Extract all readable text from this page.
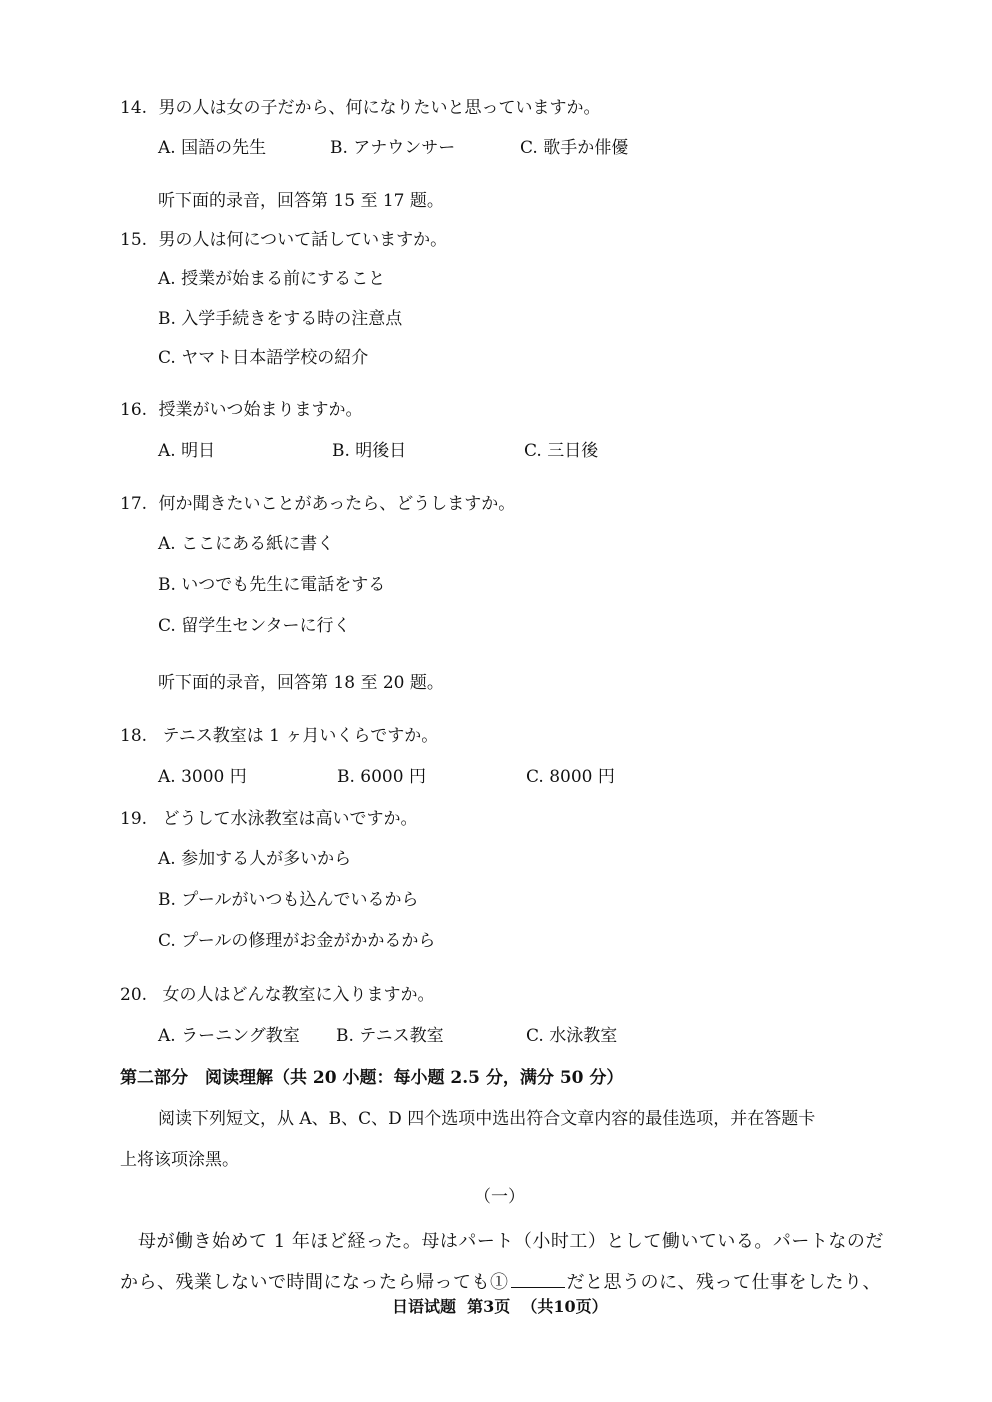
14. 男の人は女の子だから、何になりたいと思っていますか。
A. 国語の先生	B. アナウンサー	C. 歌手か俳優
听下面的录音，回答第 15 至 17 题。
15. 男の人は何について話していますか。
A. 授業が始まる前にすること
B. 入学手続きをする時の注意点
C. ヤマト日本語学校の紹介
16. 授業がいつ始まりますか。
A. 明日	B. 明後日	C. 三日後
17. 何か聞きたいことがあったら、どうしますか。
A. ここにある紙に書く
B. いつでも先生に電話をする
C. 留学生センターに行く
听下面的录音，回答第 18 至 20 题。
18. テニス教室は 1 ヶ月いくらですか。
A. 3000 円	B. 6000 円	C. 8000 円
19. どうして水泳教室は高いですか。
A. 参加する人が多いから
B. プールがいつも込んでいるから
C. プールの修理がお金がかかるから
20. 女の人はどんな教室に入りますか。
A. ラーニング教室 B. テニス教室	C. 水泳教室
第二部分　阅读理解（共 20 小题：每小题 2.5 分，满分 50 分）
阅读下列短文，从 A、B、C、D 四个选项中选出符合文章内容的最佳选项，并在答题卡
上将该项涂黑。
（一）
母が働き始めて 1 年ほど経った。母はパート（小时工）として働いている。パートなのだ
から、残業しないで時間になったら帰っても①	だと思うのに、残って仕事をしたり、
日语试题  第3页  （共10页）
